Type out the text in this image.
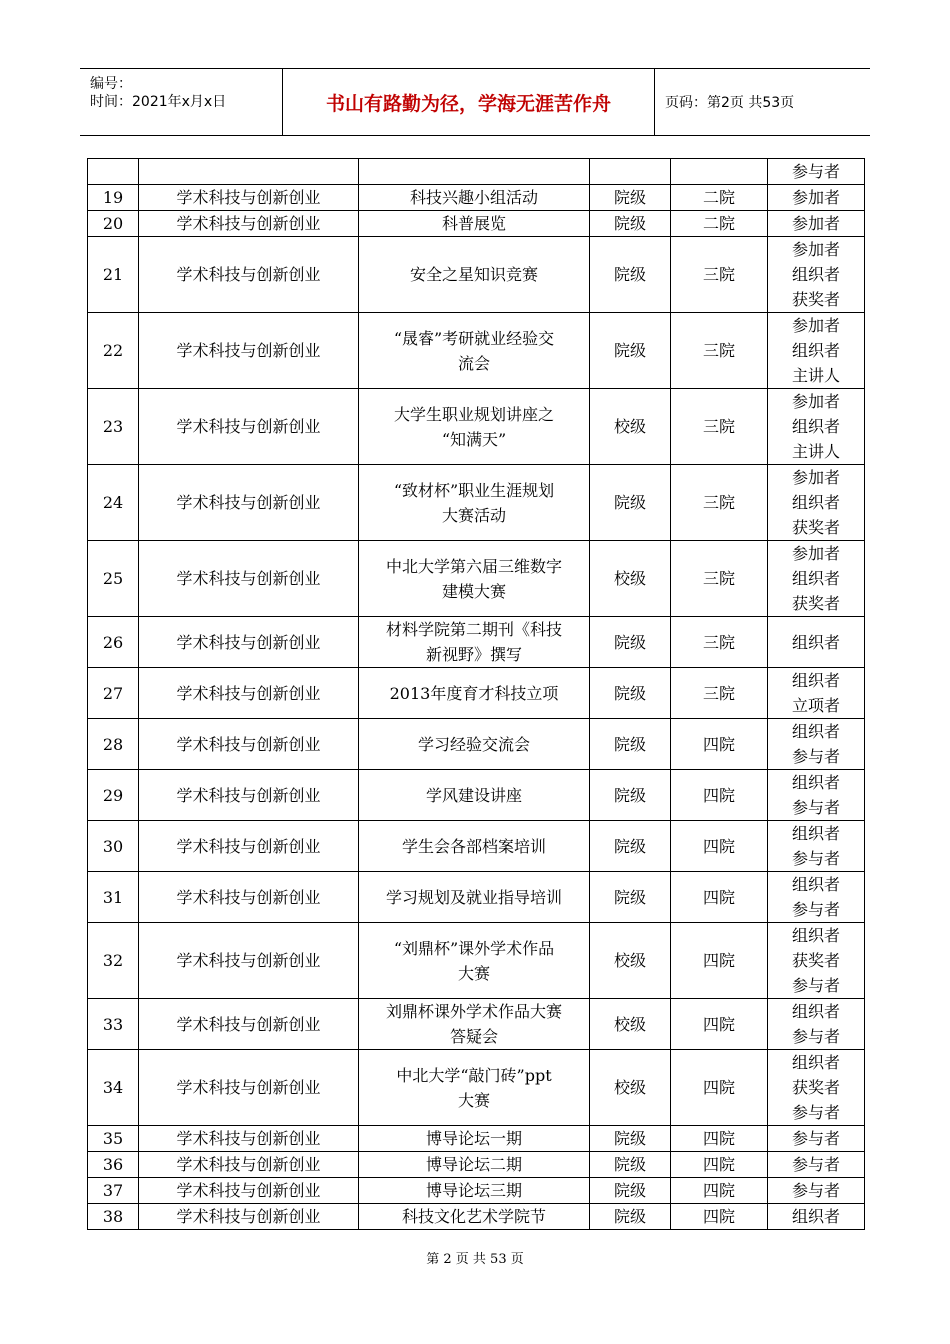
编号：
时间：2021年x月x日	书山有路勤为径，学海无涯苦作舟	页码：第2页 共53页

					参与者

19	学术科技与创新创业	科技兴趣小组活动	院级	二院	参加者

20	学术科技与创新创业	科普展览	院级	二院	参加者

21	学术科技与创新创业	安全之星知识竞赛	院级	三院	参加者
组织者
获奖者

22	学术科技与创新创业	“晟睿”考研就业经验交
流会	院级	三院	参加者
组织者
主讲人

23	学术科技与创新创业	大学生职业规划讲座之
“知满天”	校级	三院	参加者
组织者
主讲人

24	学术科技与创新创业	“致材杯”职业生涯规划
大赛活动	院级	三院	参加者
组织者
获奖者

25	学术科技与创新创业	中北大学第六届三维数字
建模大赛	校级	三院	参加者
组织者
获奖者

26	学术科技与创新创业	材料学院第二期刊《科技
新视野》撰写	院级	三院	组织者

27	学术科技与创新创业	2013年度育才科技立项	院级	三院	组织者
立项者

28	学术科技与创新创业	学习经验交流会	院级	四院	组织者
参与者

29	学术科技与创新创业	学风建设讲座	院级	四院	组织者
参与者

30	学术科技与创新创业	学生会各部档案培训	院级	四院	组织者
参与者

31	学术科技与创新创业	学习规划及就业指导培训	院级	四院	组织者
参与者

32	学术科技与创新创业	“刘鼎杯”课外学术作品
大赛	校级	四院	组织者
获奖者
参与者

33	学术科技与创新创业	刘鼎杯课外学术作品大赛
答疑会	校级	四院	组织者
参与者

34	学术科技与创新创业	中北大学“敲门砖”ppt
大赛	校级	四院	组织者
获奖者
参与者

35	学术科技与创新创业	博导论坛一期	院级	四院	参与者

36	学术科技与创新创业	博导论坛二期	院级	四院	参与者

37	学术科技与创新创业	博导论坛三期	院级	四院	参与者

38	学术科技与创新创业	科技文化艺术学院节	院级	四院	组织者
第 2 页 共 53 页
